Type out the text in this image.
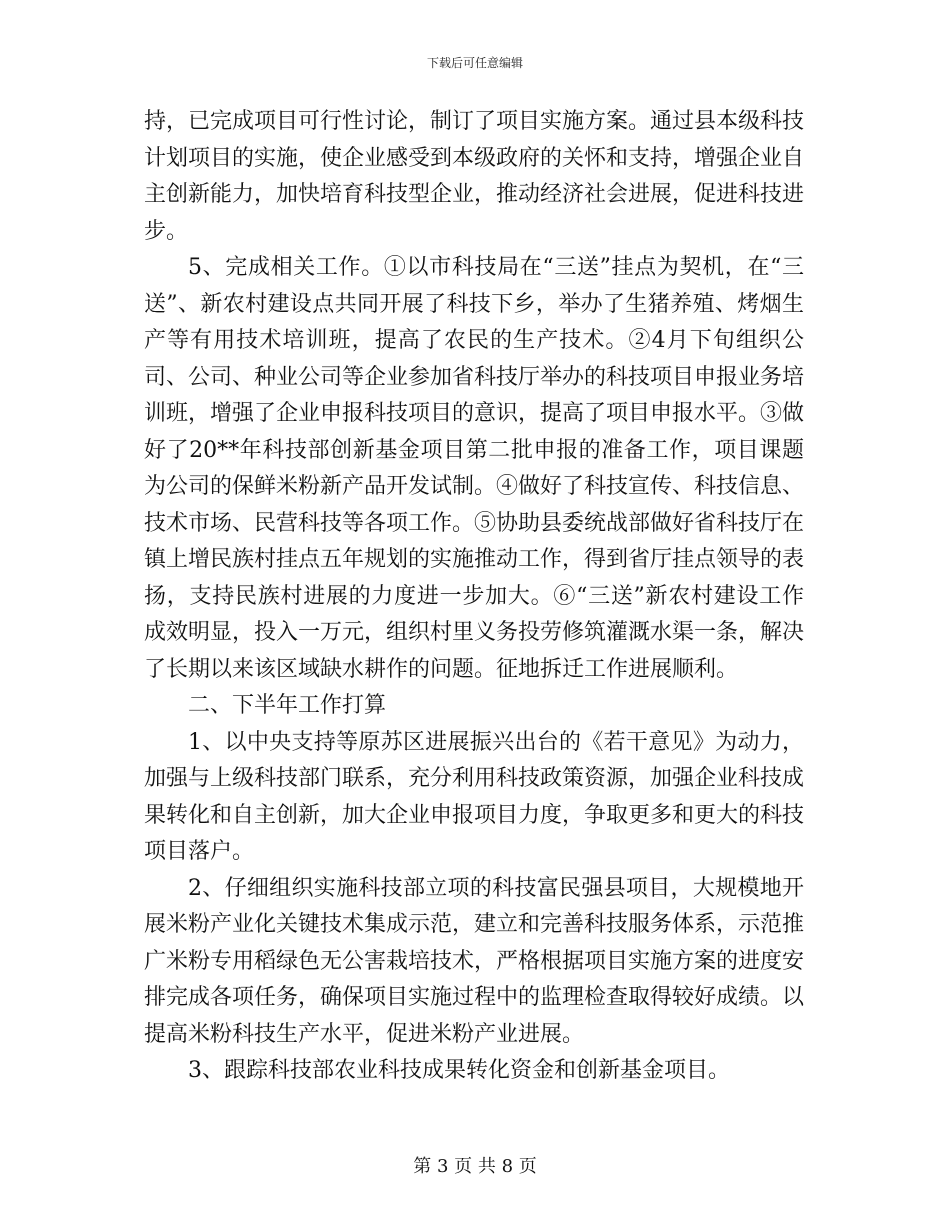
下载后可任意编辑

持，已完成项目可行性讨论，制订了项目实施方案。通过县本级科技计划项目的实施，使企业感受到本级政府的关怀和支持，增强企业自主创新能力，加快培育科技型企业，推动经济社会进展，促进科技进步。

5、完成相关工作。①以市科技局在“三送”挂点为契机，在“三送”、新农村建设点共同开展了科技下乡，举办了生猪养殖、烤烟生产等有用技术培训班，提高了农民的生产技术。②4月下旬组织公司、公司、种业公司等企业参加省科技厅举办的科技项目申报业务培训班，增强了企业申报科技项目的意识，提高了项目申报水平。③做好了20**年科技部创新基金项目第二批申报的准备工作，项目课题为公司的保鲜米粉新产品开发试制。④做好了科技宣传、科技信息、技术市场、民营科技等各项工作。⑤协助县委统战部做好省科技厅在镇上增民族村挂点五年规划的实施推动工作，得到省厅挂点领导的表扬，支持民族村进展的力度进一步加大。⑥“三送”新农村建设工作成效明显，投入一万元，组织村里义务投劳修筑灌溉水渠一条，解决了长期以来该区域缺水耕作的问题。征地拆迁工作进展顺利。

二、下半年工作打算

1、以中央支持等原苏区进展振兴出台的《若干意见》为动力，加强与上级科技部门联系，充分利用科技政策资源，加强企业科技成果转化和自主创新，加大企业申报项目力度，争取更多和更大的科技项目落户。

2、仔细组织实施科技部立项的科技富民强县项目，大规模地开展米粉产业化关键技术集成示范，建立和完善科技服务体系，示范推广米粉专用稻绿色无公害栽培技术，严格根据项目实施方案的进度安排完成各项任务，确保项目实施过程中的监理检查取得较好成绩。以提高米粉科技生产水平，促进米粉产业进展。

3、跟踪科技部农业科技成果转化资金和创新基金项目。

第 3 页 共 8 页
